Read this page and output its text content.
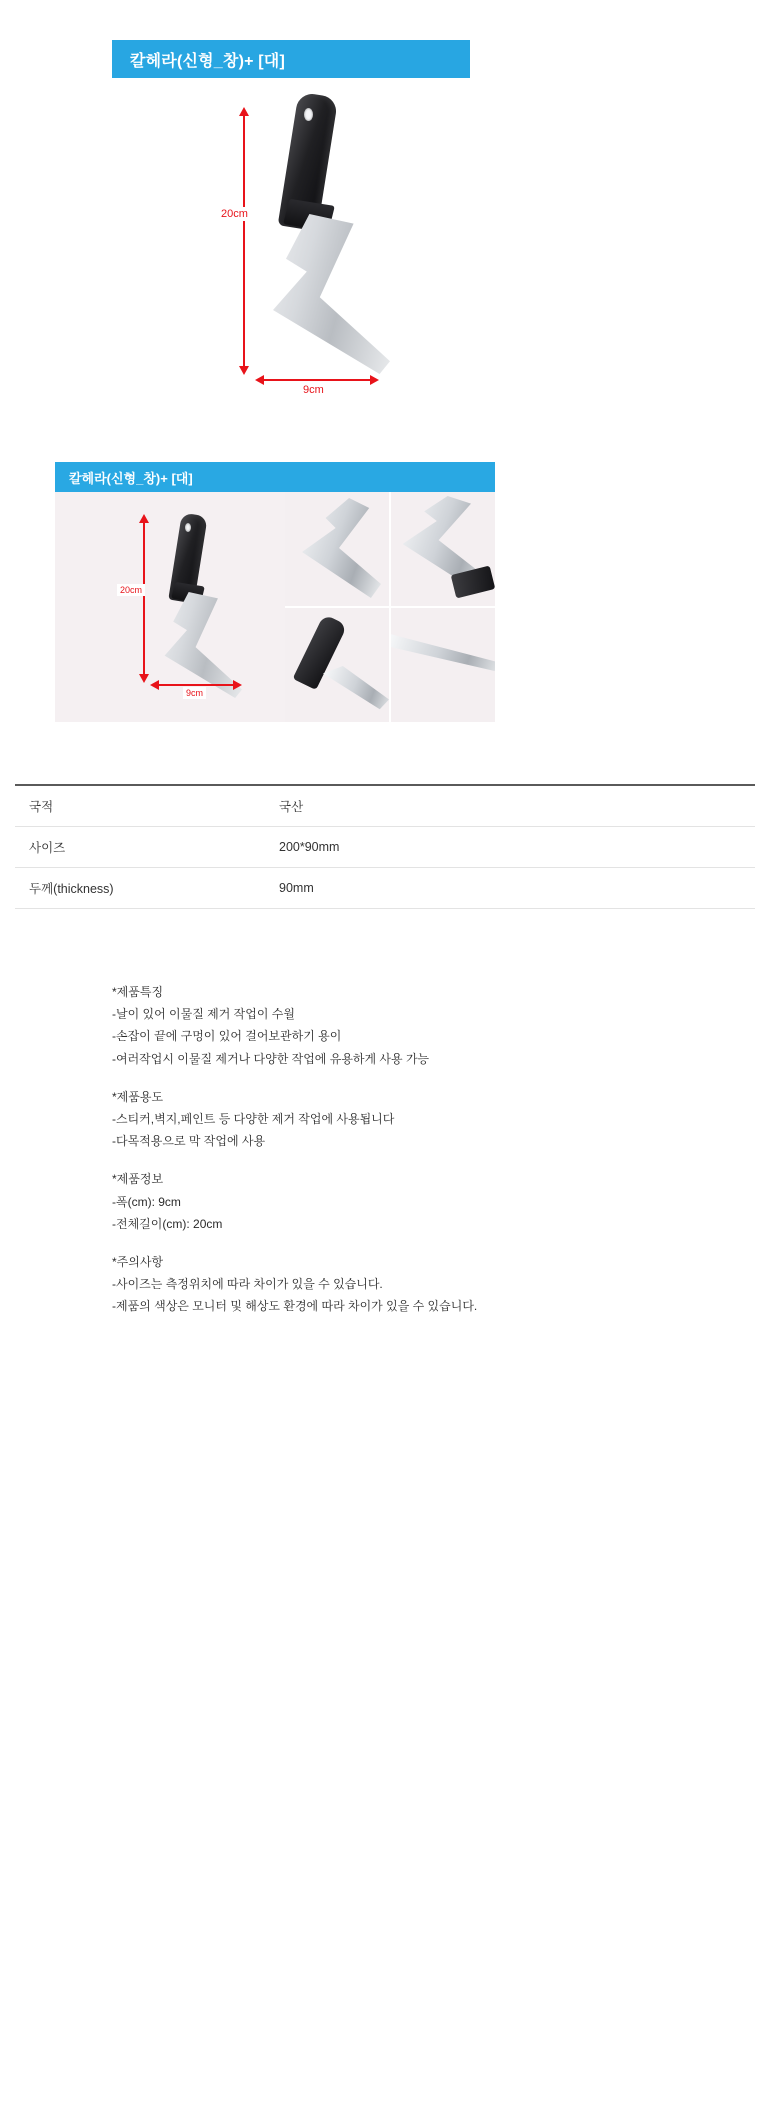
칼헤라(신형_창)+ [대]
20cm
9cm
칼헤라(신형_창)+ [대]
20cm
9cm
국적	국산
사이즈	200*90mm
두께(thickness)	90mm
*제품특징
-날이 있어 이물질 제거 작업이 수월
-손잡이 끝에 구멍이 있어 걸어보관하기 용이
-여러작업시 이물질 제거나 다양한 작업에 유용하게 사용 가능
*제품용도
-스티커,벽지,페인트 등 다양한 제거 작업에 사용됩니다
-다목적용으로 막 작업에 사용
*제품정보
-폭(cm): 9cm
-전체길이(cm): 20cm
*주의사항
-사이즈는 측정위치에 따라 차이가 있을 수 있습니다.
-제품의 색상은 모니터 및 해상도 환경에 따라 차이가 있을 수 있습니다.
